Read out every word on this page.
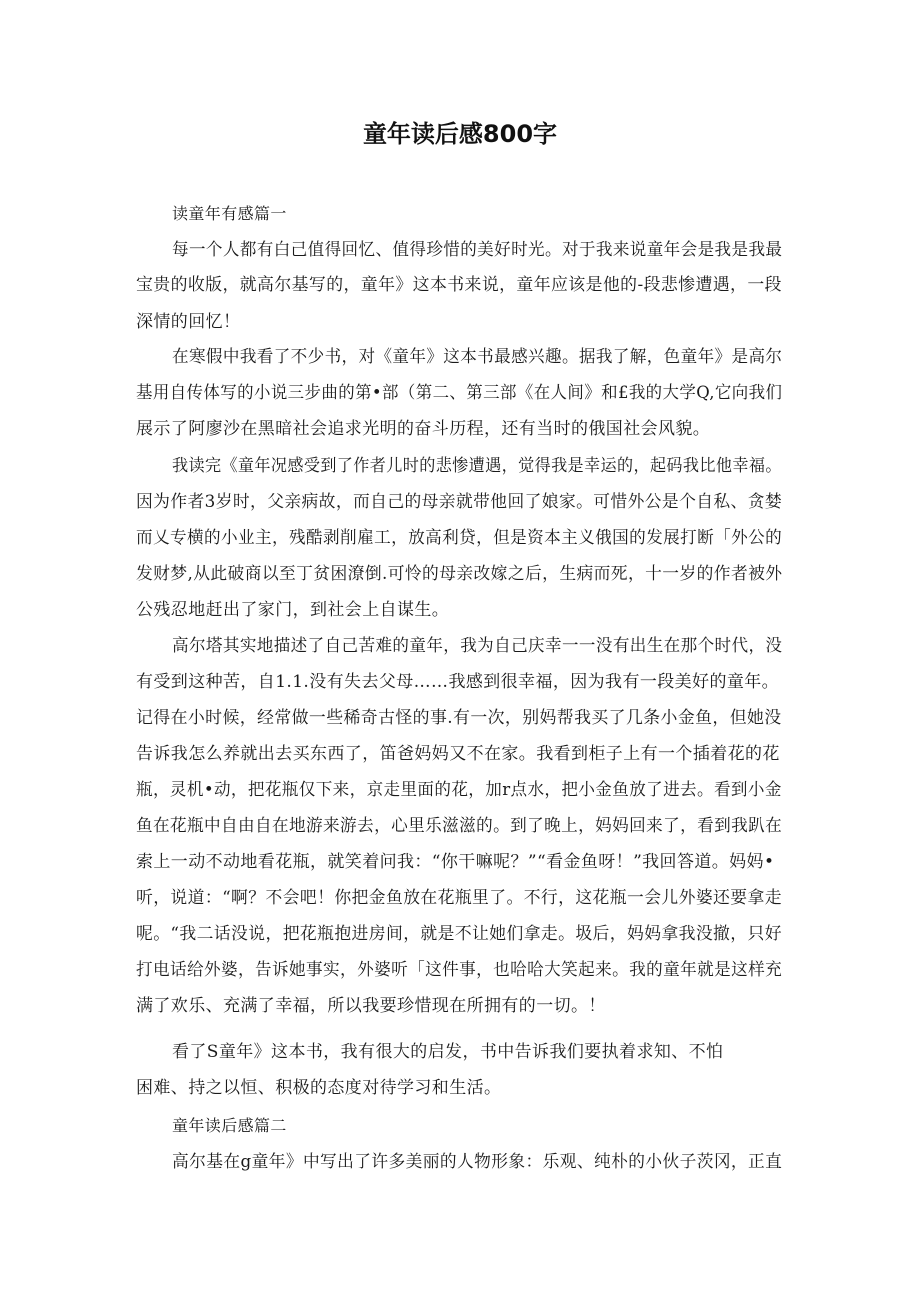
童年读后感800字
读童年有感篇一
每一个人都有白己值得回忆、值得珍惜的美好时光。对于我来说童年会是我是我最
宝贵的收版，就高尔基写的，童年》这本书来说，童年应该是他的-段悲惨遭遇，一段
深情的回忆！
在寒假中我看了不少书，对《童年》这本书最感兴趣。据我了解，色童年》是高尔
基用自传体写的小说三步曲的第•部（第二、第三部《在人间》和£我的大学Q,它向我们
展示了阿廖沙在黑暗社会追求光明的奋斗历程，还有当时的俄国社会风貌。
我读完《童年况感受到了作者儿时的悲惨遭遇，觉得我是幸运的，起码我比他幸福。
因为作者3岁时，父亲病故，而自己的母亲就带他回了娘家。可惜外公是个自私、贪婪
而乂专横的小业主，残酷剥削雇工，放高利贷，但是资本主义俄国的发展打断「外公的
发财梦,从此破商以至丁贫困潦倒.可怜的母亲改嫁之后，生病而死，十一岁的作者被外
公残忍地赶出了家门，到社会上自谋生。
高尔塔其实地描述了自己苦难的童年，我为自己庆幸一一没有出生在那个时代，没
有受到这种苦，自1.1.没有失去父母……我感到很幸福，因为我有一段美好的童年。
记得在小时候，经常做一些稀奇古怪的事.有一次，别妈帮我买了几条小金鱼，但她没
告诉我怎么养就出去买东西了，笛爸妈妈又不在家。我看到柜子上有一个插着花的花
瓶，灵机•动，把花瓶仅下来，京走里面的花，加r点水，把小金鱼放了进去。看到小金
鱼在花瓶中自由自在地游来游去，心里乐滋滋的。到了晚上，妈妈回来了，看到我趴在
索上一动不动地看花瓶，就笑着问我：“你干嘛呢？”“看金鱼呀！”我回答道。妈妈•
听，说道：“啊？不会吧！你把金鱼放在花瓶里了。不行，这花瓶一会儿外婆还要拿走
呢。“我二话没说，把花瓶抱进房间，就是不让她们拿走。圾后，妈妈拿我没撤，只好
打电话给外婆，告诉她事实，外婆听「这件事，也哈哈大笑起来。我的童年就是这样充
满了欢乐、充满了幸福，所以我要珍惜现在所拥有的一切。！
看了S童年》这本书，我有很大的启发，书中告诉我们要执着求知、不怕
困难、持之以恒、积极的态度对待学习和生活。
童年读后感篇二
高尔基在g童年》中写出了许多美丽的人物形象：乐观、纯朴的小伙子茨冈，正直
